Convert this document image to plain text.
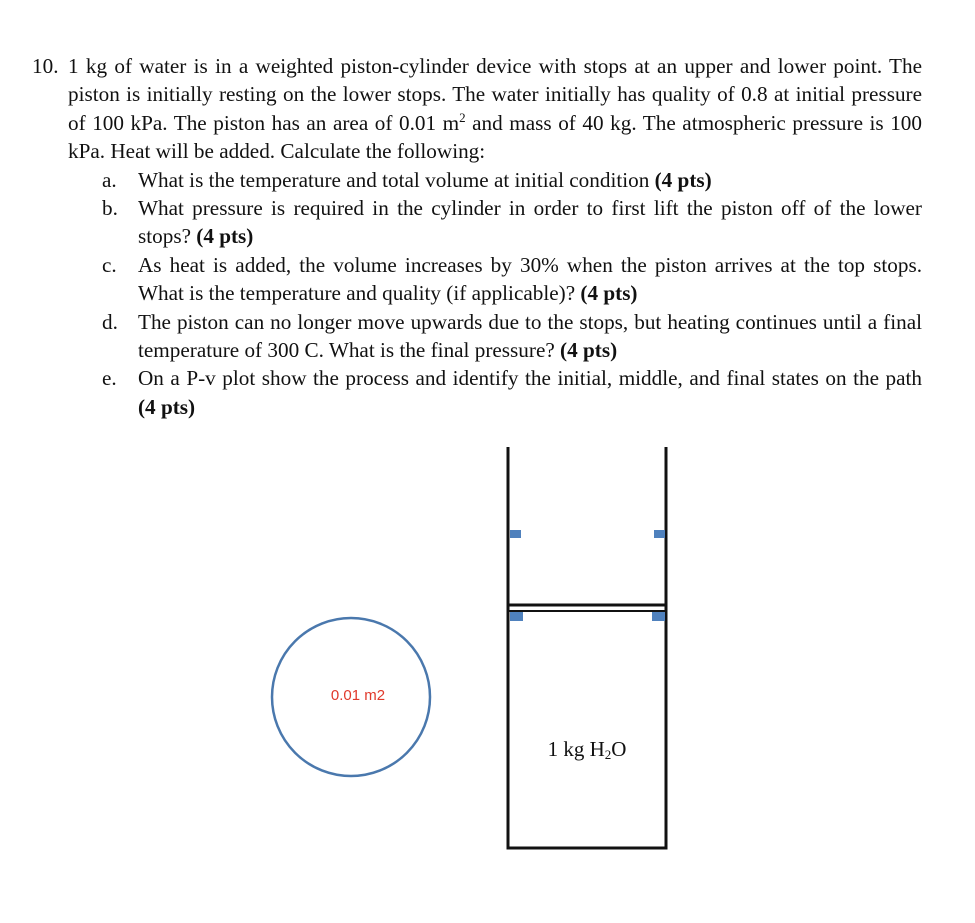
10. 1 kg of water is in a weighted piston-cylinder device with stops at an upper and lower point. The piston is initially resting on the lower stops. The water initially has quality of 0.8 at initial pressure of 100 kPa. The piston has an area of 0.01 $m^2$ and mass of 40 kg. The atmospheric pressure is 100 kPa. Heat will be added. Calculate the following:
a. What is the temperature and total volume at initial condition (4 pts)
b. What pressure is required in the cylinder in order to first lift the piston off of the lower stops? (4 pts)
c. As heat is added, the volume increases by 30% when the piston arrives at the top stops. What is the temperature and quality (if applicable)? (4 pts)
d. The piston can no longer move upwards due to the stops, but heating continues until a final temperature of 300 C. What is the final pressure? (4 pts)
e. On a P-v plot show the process and identify the initial, middle, and final states on the path (4 pts)
0.01 m2
1 kg $H_2O$
